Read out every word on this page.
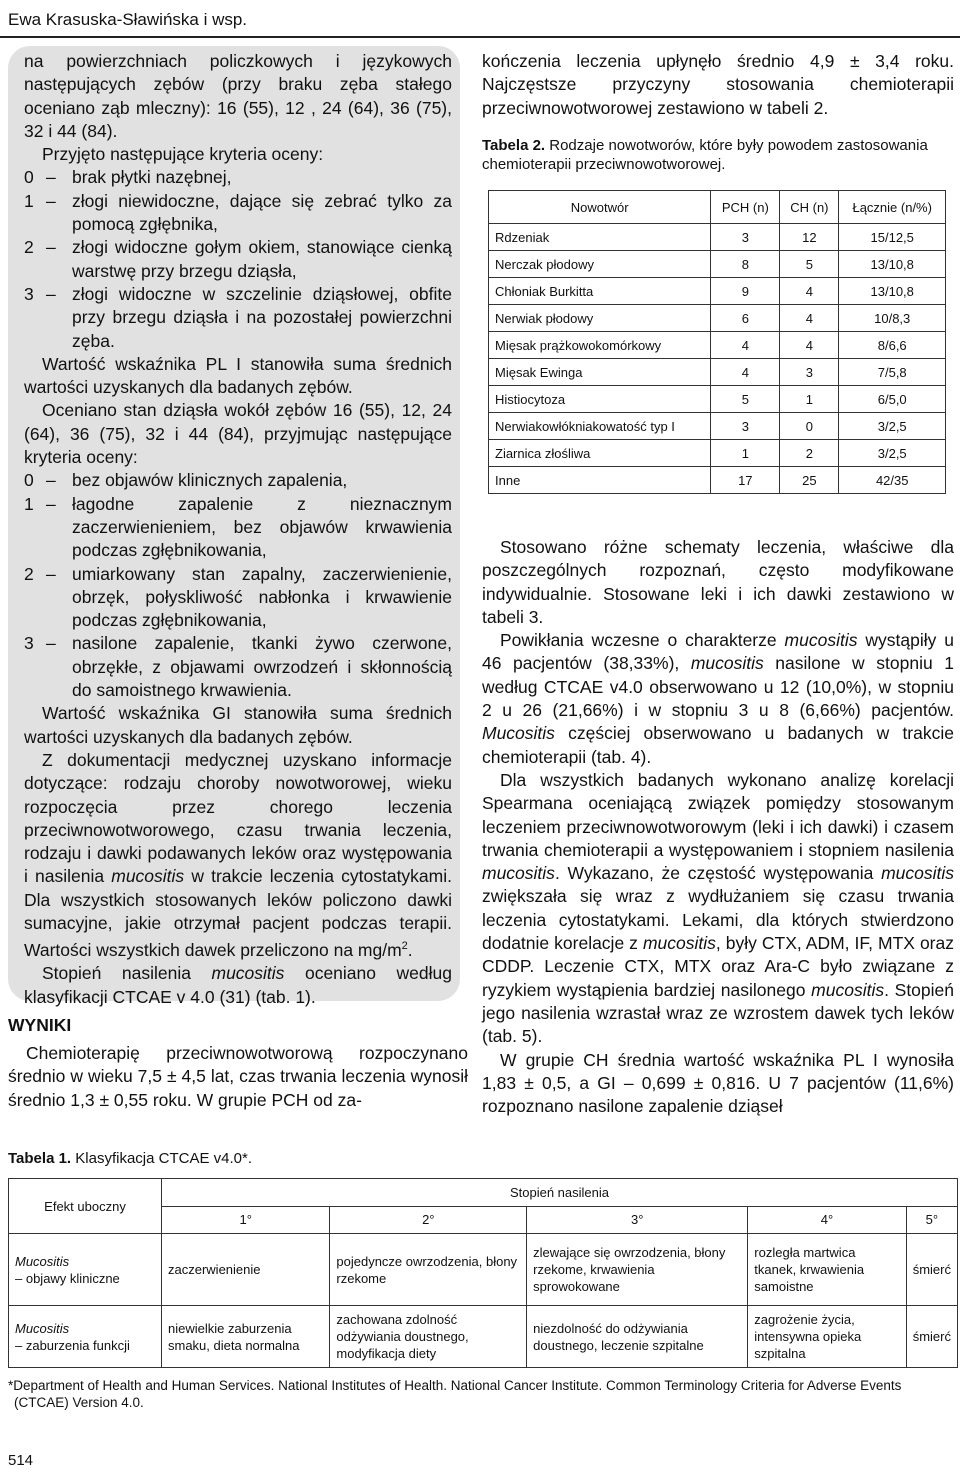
Ewa Krasuska-Sławińska i wsp.

na powierzchniach policzkowych i językowych następujących zębów (przy braku zęba stałego oceniano ząb mleczny): 16 (55), 12 , 24 (64), 36 (75), 32 i 44 (84).

Przyjęto następujące kryteria oceny:

0 – brak płytki nazębnej,
1 – złogi niewidoczne, dające się zebrać tylko za pomocą zgłębnika,
2 – złogi widoczne gołym okiem, stanowiące cienką warstwę przy brzegu dziąsła,
3 – złogi widoczne w szczelinie dziąsłowej, obfite przy brzegu dziąsła i na pozostałej powierzchni zęba.

Wartość wskaźnika PL I stanowiła suma średnich wartości uzyskanych dla badanych zębów.

Oceniano stan dziąsła wokół zębów 16 (55), 12, 24 (64), 36 (75), 32 i 44 (84), przyjmując następujące kryteria oceny:

0 – bez objawów klinicznych zapalenia,
1 – łagodne zapalenie z nieznacznym zaczerwienieniem, bez objawów krwawienia podczas zgłębnikowania,
2 – umiarkowany stan zapalny, zaczerwienienie, obrzęk, połyskliwość nabłonka i krwawienie podczas zgłębnikowania,
3 – nasilone zapalenie, tkanki żywo czerwone, obrzękłe, z objawami owrzodzeń i skłonnością do samoistnego krwawienia.

Wartość wskaźnika GI stanowiła suma średnich wartości uzyskanych dla badanych zębów.

Z dokumentacji medycznej uzyskano informacje dotyczące: rodzaju choroby nowotworowej, wieku rozpoczęcia przez chorego leczenia przeciwnowotworowego, czasu trwania leczenia, rodzaju i dawki podawanych leków oraz występowania i nasilenia mucositis w trakcie leczenia cytostatykami. Dla wszystkich stosowanych leków policzono dawki sumacyjne, jakie otrzymał pacjent podczas terapii. Wartości wszystkich dawek przeliczono na $mg/m^2$.

Stopień nasilenia mucositis oceniano według klasyfikacji CTCAE v 4.0 (31) (tab. 1).

WYNIKI

Chemioterapię przeciwnowotworową rozpoczynano średnio w wieku 7,5 ± 4,5 lat, czas trwania leczenia wynosił średnio 1,3 ± 0,55 roku. W grupie PCH od za-

kończenia leczenia upłynęło średnio 4,9 ± 3,4 roku. Najczęstsze przyczyny stosowania chemioterapii przeciwnowotworowej zestawiono w tabeli 2.

Tabela 2. Rodzaje nowotworów, które były powodem zastosowania chemioterapii przeciwnowotworowej.
Nowotwór	PCH (n)	CH (n)	Łącznie (n/%)
Rdzeniak	3	12	15/12,5
Nerczak płodowy	8	5	13/10,8
Chłoniak Burkitta	9	4	13/10,8
Nerwiak płodowy	6	4	10/8,3
Mięsak prążkowokomórkowy	4	4	8/6,6
Mięsak Ewinga	4	3	7/5,8
Histiocytoza	5	1	6/5,0
Nerwiakowłókniakowatość typ I	3	0	3/2,5
Ziarnica złośliwa	1	2	3/2,5
Inne	17	25	42/35

Stosowano różne schematy leczenia, właściwe dla poszczególnych rozpoznań, często modyfikowane indywidualnie. Stosowane leki i ich dawki zestawiono w tabeli 3.

Powikłania wczesne o charakterze mucositis wystąpiły u 46 pacjentów (38,33%), mucositis nasilone w stopniu 1 według CTCAE v4.0 obserwowano u 12 (10,0%), w stopniu 2 u 26 (21,66%) i w stopniu 3 u 8 (6,66%) pacjentów. Mucositis częściej obserwowano u badanych w trakcie chemioterapii (tab. 4).

Dla wszystkich badanych wykonano analizę korelacji Spearmana oceniającą związek pomiędzy stosowanym leczeniem przeciwnowotworowym (leki i ich dawki) i czasem trwania chemioterapii a występowaniem i stopniem nasilenia mucositis. Wykazano, że częstość występowania mucositis zwiększała się wraz z wydłużaniem się czasu trwania leczenia cytostatykami. Lekami, dla których stwierdzono dodatnie korelacje z mucositis, były CTX, ADM, IF, MTX oraz CDDP. Leczenie CTX, MTX oraz Ara-C było związane z ryzykiem wystąpienia bardziej nasilonego mucositis. Stopień jego nasilenia wzrastał wraz ze wzrostem dawek tych leków (tab. 5).

W grupie CH średnia wartość wskaźnika PL I wynosiła 1,83 ± 0,5, a GI – 0,699 ± 0,816. U 7 pacjentów (11,6%) rozpoznano nasilone zapalenie dziąseł

Tabela 1. Klasyfikacja CTCAE v4.0*.
Efekt uboczny	Stopień nasilenia				
	1°	2°	3°	4°	5°
Mucositis
– objawy kliniczne	zaczerwienienie	pojedyncze owrzodzenia, błony rzekome	zlewające się owrzodzenia, błony rzekome, krwawienia sprowokowane	rozległa martwica tkanek, krwawienia samoistne	śmierć
Mucositis
– zaburzenia funkcji	niewielkie zaburzenia smaku, dieta normalna	zachowana zdolność odżywiania doustnego, modyfikacja diety	niezdolność do odżywiania doustnego, leczenie szpitalne	zagrożenie życia, intensywna opieka szpitalna	śmierć
*Department of Health and Human Services. National Institutes of Health. National Cancer Institute. Common Terminology Criteria for Adverse Events
(CTCAE) Version 4.0.
514
